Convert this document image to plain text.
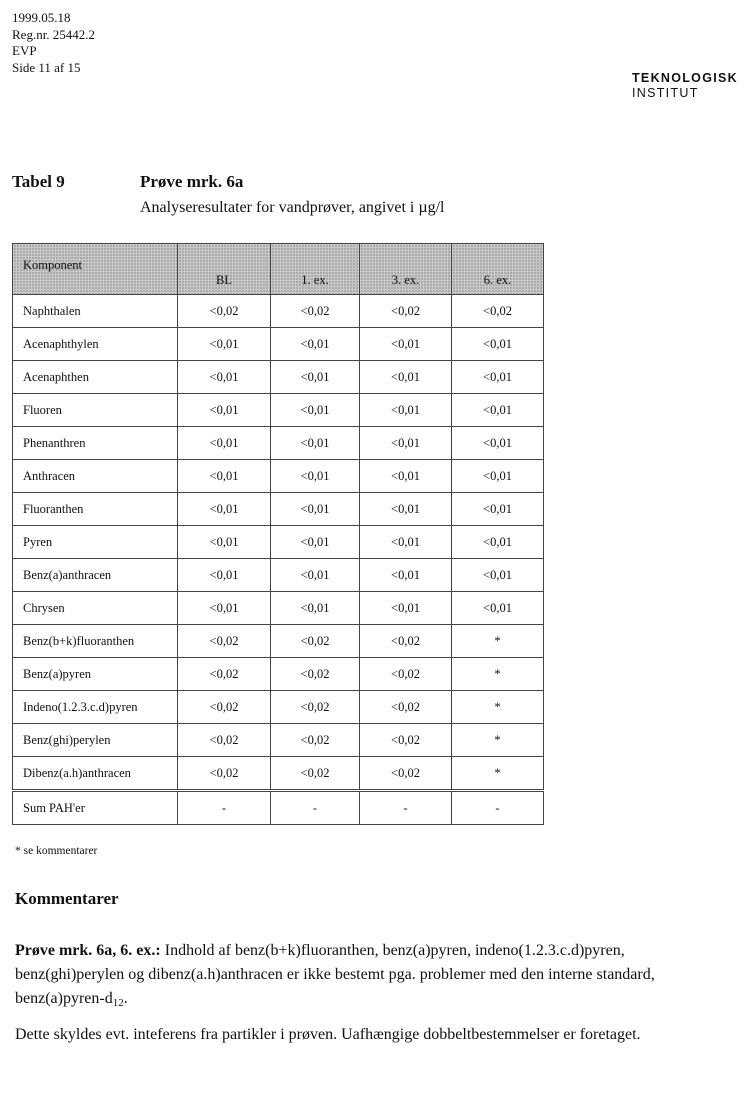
1999.05.18
Reg.nr. 25442.2
EVP
Side 11 af 15
TEKNOLOGISK
INSTITUT
Tabel 9	Prøve mrk. 6a
Analyseresultater for vandprøver, angivet i µg/l
Komponent	BL	1. ex.	3. ex.	6. ex.
Naphthalen	<0,02	<0,02	<0,02	<0,02
Acenaphthylen	<0,01	<0,01	<0,01	<0,01
Acenaphthen	<0,01	<0,01	<0,01	<0,01
Fluoren	<0,01	<0,01	<0,01	<0,01
Phenanthren	<0,01	<0,01	<0,01	<0,01
Anthracen	<0,01	<0,01	<0,01	<0,01
Fluoranthen	<0,01	<0,01	<0,01	<0,01
Pyren	<0,01	<0,01	<0,01	<0,01
Benz(a)anthracen	<0,01	<0,01	<0,01	<0,01
Chrysen	<0,01	<0,01	<0,01	<0,01
Benz(b+k)fluoranthen	<0,02	<0,02	<0,02	*
Benz(a)pyren	<0,02	<0,02	<0,02	*
Indeno(1.2.3.c.d)pyren	<0,02	<0,02	<0,02	*
Benz(ghi)perylen	<0,02	<0,02	<0,02	*
Dibenz(a.h)anthracen	<0,02	<0,02	<0,02	*
Sum PAH'er	-	-	-	-
* se kommentarer
Kommentarer
Prøve mrk. 6a, 6. ex.: Indhold af benz(b+k)fluoranthen, benz(a)pyren, indeno(1.2.3.c.d)pyren, benz(ghi)perylen og dibenz(a.h)anthracen er ikke bestemt pga. problemer med den interne standard, $benz(a)pyren-d_{12}$.
Dette skyldes evt. inteferens fra partikler i prøven. Uafhængige dobbeltbestemmelser er foretaget.
